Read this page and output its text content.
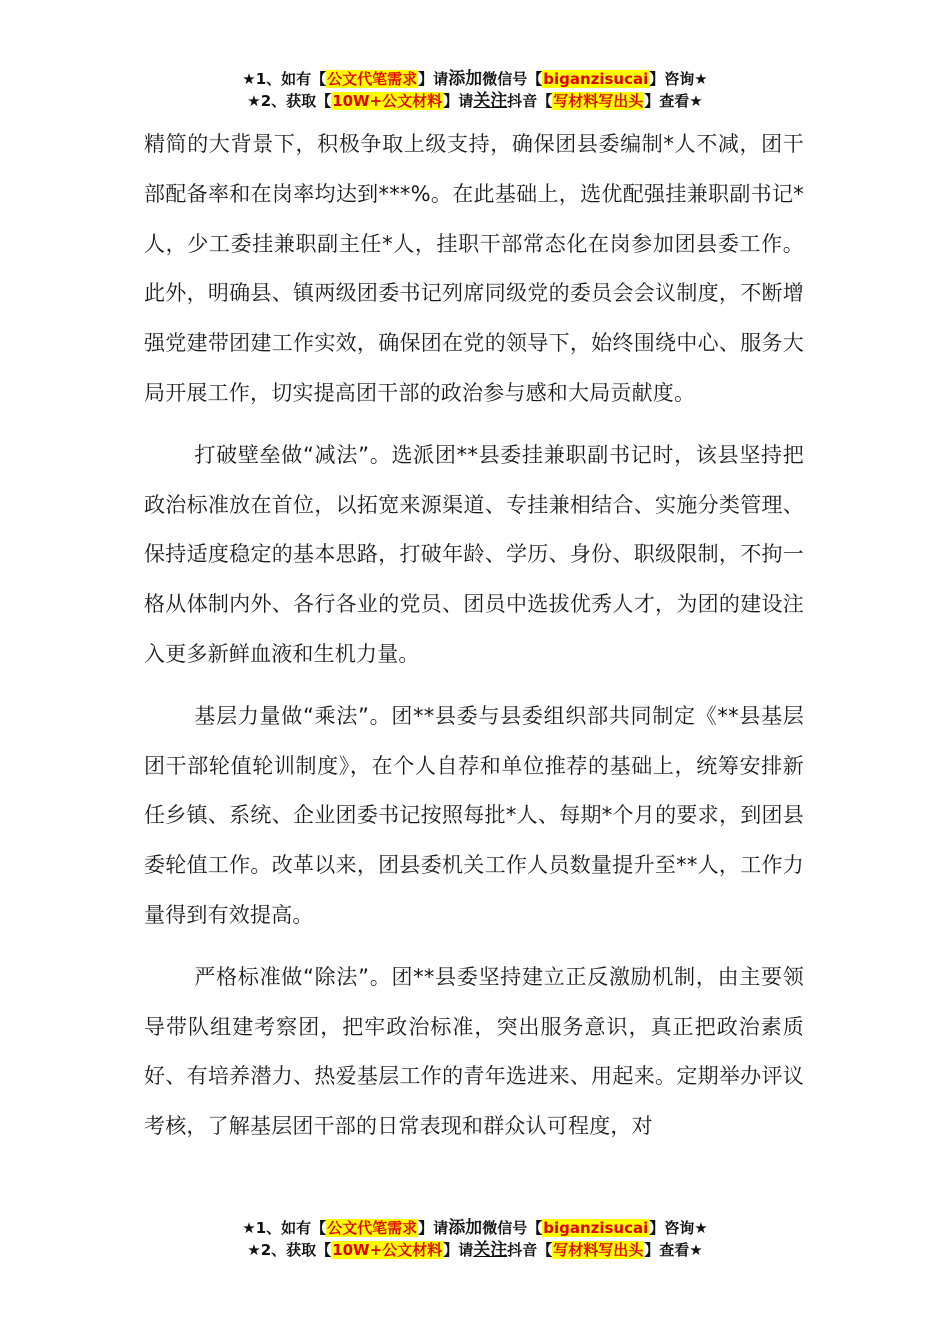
★1、如有【公文代笔需求】请添加微信号【biganzisucai】咨询★
★2、获取【10W+公文材料】请关注抖音【写材料写出头】查看★

精简的大背景下，积极争取上级支持，确保团县委编制*人不减，团干部配备率和在岗率均达到***%。在此基础上，选优配强挂兼职副书记*人，少工委挂兼职副主任*人，挂职干部常态化在岗参加团县委工作。此外，明确县、镇两级团委书记列席同级党的委员会会议制度，不断增强党建带团建工作实效，确保团在党的领导下，始终围绕中心、服务大局开展工作，切实提高团干部的政治参与感和大局贡献度。

打破壁垒做“减法”。选派团**县委挂兼职副书记时，该县坚持把政治标准放在首位，以拓宽来源渠道、专挂兼相结合、实施分类管理、保持适度稳定的基本思路，打破年龄、学历、身份、职级限制，不拘一格从体制内外、各行各业的党员、团员中选拔优秀人才，为团的建设注入更多新鲜血液和生机力量。

基层力量做“乘法”。团**县委与县委组织部共同制定《**县基层团干部轮值轮训制度》，在个人自荐和单位推荐的基础上，统筹安排新任乡镇、系统、企业团委书记按照每批*人、每期*个月的要求，到团县委轮值工作。改革以来，团县委机关工作人员数量提升至**人，工作力量得到有效提高。

严格标准做“除法”。团**县委坚持建立正反激励机制，由主要领导带队组建考察团，把牢政治标准，突出服务意识，真正把政治素质好、有培养潜力、热爱基层工作的青年选进来、用起来。定期举办评议考核，了解基层团干部的日常表现和群众认可程度，对

★1、如有【公文代笔需求】请添加微信号【biganzisucai】咨询★
★2、获取【10W+公文材料】请关注抖音【写材料写出头】查看★
